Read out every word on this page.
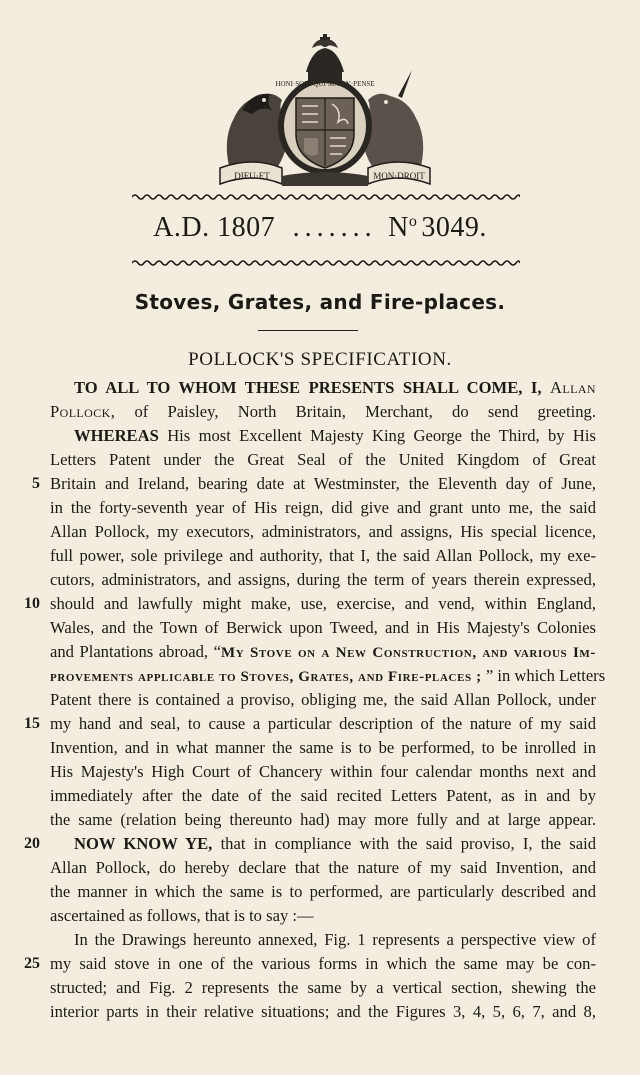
HONI·SOIT·QUI·MAL·Y·PENSE
DIEU·ET	MON·DROIT
A.D. 1807 ....... $N^o$ 3049.
Stoves, Grates, and Fire-places.
POLLOCK'S SPECIFICATION.
TO ALL TO WHOM THESE PRESENTS SHALL COME, I, Allan
Pollock, of Paisley, North Britain, Merchant, do send greeting.
WHEREAS His most Excellent Majesty King George the Third, by His
Letters Patent under the Great Seal of the United Kingdom of Great
5 Britain and Ireland, bearing date at Westminster, the Eleventh day of June,
in the forty-seventh year of His reign, did give and grant unto me, the said
Allan Pollock, my executors, administrators, and assigns, His special licence,
full power, sole privilege and authority, that I, the said Allan Pollock, my exe-
cutors, administrators, and assigns, during the term of years therein expressed,
10 should and lawfully might make, use, exercise, and vend, within England,
Wales, and the Town of Berwick upon Tweed, and in His Majesty's Colonies
and Plantations abroad, “My Stove on a New Construction, and various Im-
provements applicable to Stoves, Grates, and Fire-places ; ” in which Letters
Patent there is contained a proviso, obliging me, the said Allan Pollock, under
15 my hand and seal, to cause a particular description of the nature of my said
Invention, and in what manner the same is to be performed, to be inrolled in
His Majesty's High Court of Chancery within four calendar months next and
immediately after the date of the said recited Letters Patent, as in and by
the same (relation being thereunto had) may more fully and at large appear.
20 NOW KNOW YE, that in compliance with the said proviso, I, the said
Allan Pollock, do hereby declare that the nature of my said Invention, and
the manner in which the same is to performed, are particularly described and
ascertained as follows, that is to say :—
In the Drawings hereunto annexed, Fig. 1 represents a perspective view of
25 my said stove in one of the various forms in which the same may be con-
structed; and Fig. 2 represents the same by a vertical section, shewing the
interior parts in their relative situations; and the Figures 3, 4, 5, 6, 7, and 8,
